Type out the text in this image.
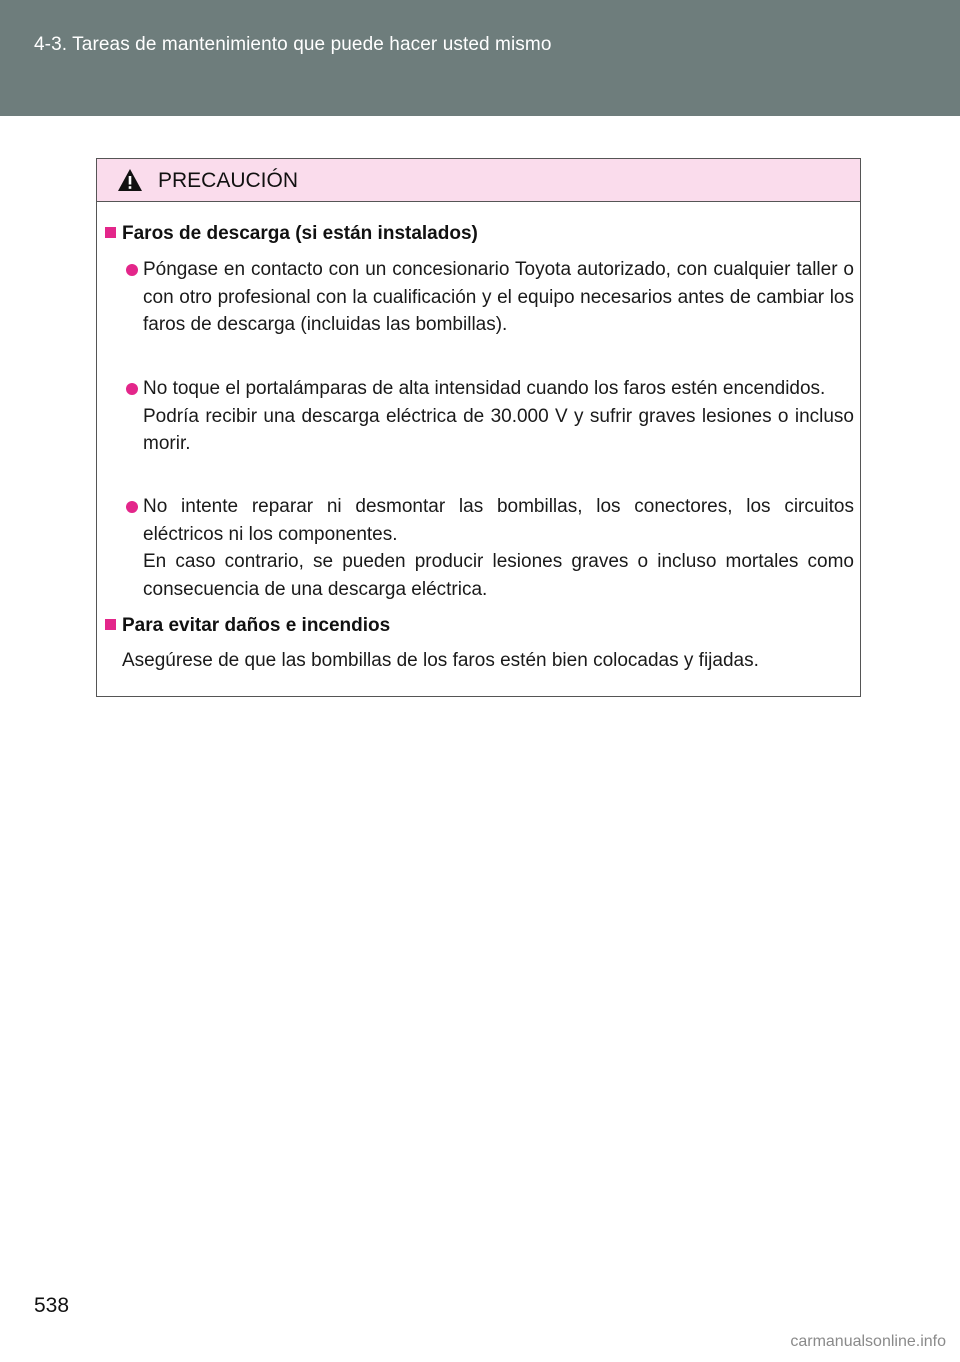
4-3. Tareas de mantenimiento que puede hacer usted mismo
PRECAUCIÓN
Faros de descarga (si están instalados)
Póngase en contacto con un concesionario Toyota autorizado, con cualquier taller o con otro profesional con la cualificación y el equipo necesarios antes de cambiar los faros de descarga (incluidas las bombillas).
No toque el portalámparas de alta intensidad cuando los faros estén encendidos.
Podría recibir una descarga eléctrica de 30.000 V y sufrir graves lesiones o incluso morir.
No intente reparar ni desmontar las bombillas, los conectores, los circuitos eléctricos ni los componentes.
En caso contrario, se pueden producir lesiones graves o incluso mortales como consecuencia de una descarga eléctrica.
Para evitar daños e incendios
Asegúrese de que las bombillas de los faros estén bien colocadas y fijadas.
538
carmanualsonline.info
